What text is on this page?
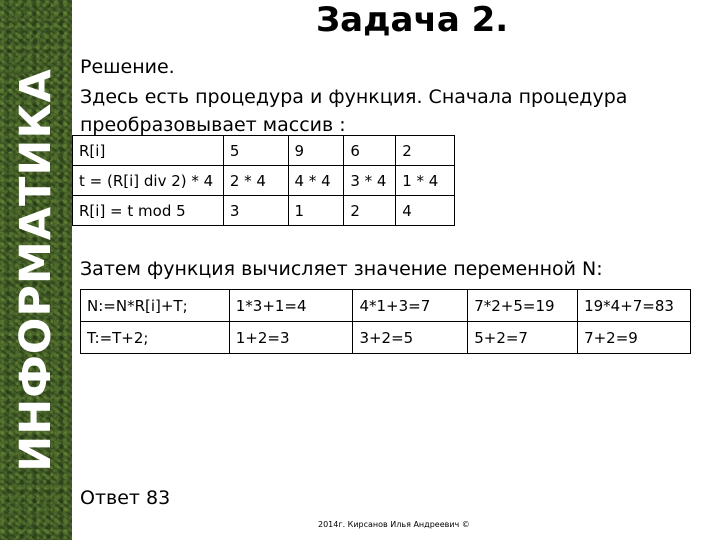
ИНФОРМАТИКА
Задача 2.
Решение.
Здесь есть процедура и функция. Сначала процедура
преобразовывает массив :
R[i]	5	9	6	2
t = (R[i] div 2) * 4	2 * 4	4 * 4	3 * 4	1 * 4
R[i] = t mod 5	3	1	2	4
Затем функция вычисляет значение переменной N:
N:=N*R[i]+T;	1*3+1=4	4*1+3=7	7*2+5=19	19*4+7=83
T:=T+2;	1+2=3	3+2=5	5+2=7	7+2=9
Ответ 83
2014г. Кирсанов Илья Андреевич ©
